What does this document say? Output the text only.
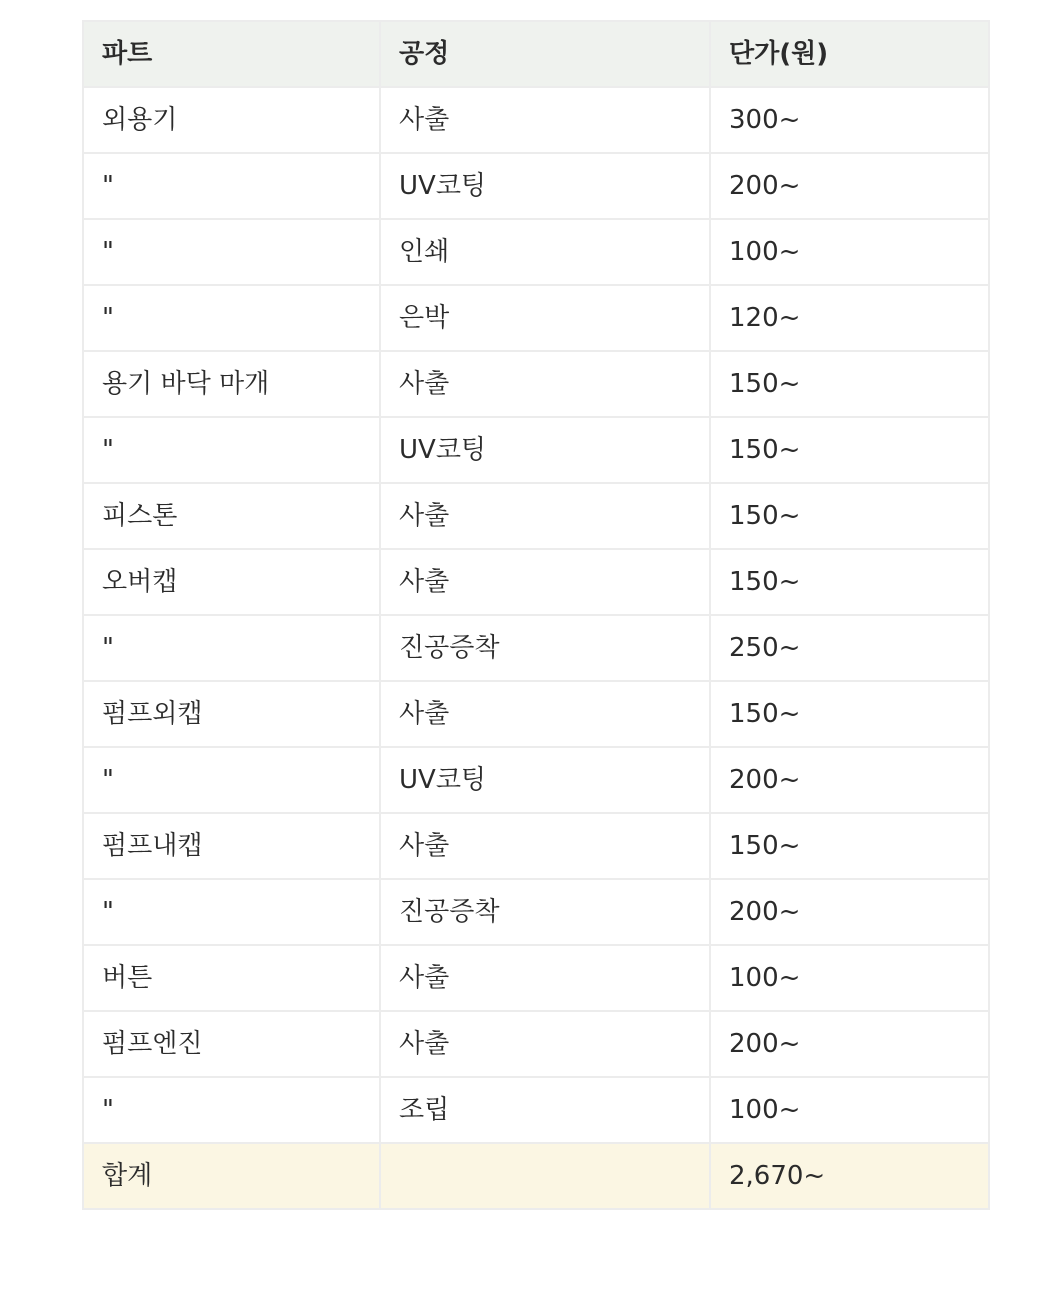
파트	공정	단가(원)
외용기	사출	300~
"	UV코팅	200~
"	인쇄	100~
"	은박	120~
용기 바닥 마개	사출	150~
"	UV코팅	150~
피스톤	사출	150~
오버캡	사출	150~
"	진공증착	250~
펌프외캡	사출	150~
"	UV코팅	200~
펌프내캡	사출	150~
"	진공증착	200~
버튼	사출	100~
펌프엔진	사출	200~
"	조립	100~
합계		2,670~
